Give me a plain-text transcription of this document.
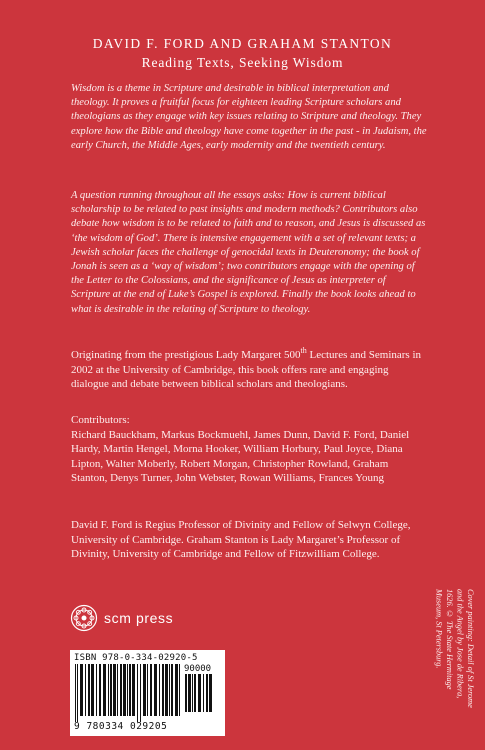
DAVID F. FORD AND GRAHAM STANTON
Reading Texts, Seeking Wisdom

Wisdom is a theme in Scripture and desirable in biblical interpretation and theology. It proves a fruitful focus for eighteen leading Scripture scholars and theologians as they engage with key issues relating to Stripture and theology. They explore how the Bible and theology have come together in the past - in Judaism, the early Church, the Middle Ages, early modernity and the twentieth century.

A question running throughout all the essays asks: How is current biblical scholarship to be related to past insights and modern methods? Contributors also debate how wisdom is to be related to faith and to reason, and Jesus is discussed as ‘the wisdom of God’. There is intensive engagement with a set of relevant texts; a Jewish scholar faces the challenge of genocidal texts in Deuteronomy; the book of Jonah is seen as a ‘way of wisdom’; two contributors engage with the opening of the Letter to the Colossians, and the significance of Jesus as interpreter of Scripture at the end of Luke’s Gospel is explored. Finally the book looks ahead to what is desirable in the relating of Scripture to theology.

Originating from the prestigious Lady Margaret 500th Lectures and Seminars in 2002 at the University of Cambridge, this book offers rare and engaging dialogue and debate between biblical scholars and theologians.

Contributors:

Richard Bauckham, Markus Bockmuehl, James Dunn, David F. Ford, Daniel Hardy, Martin Hengel, Morna Hooker, William Horbury, Paul Joyce, Diana Lipton, Walter Moberly, Robert Morgan, Christopher Rowland, Graham Stanton, Denys Turner, John Webster, Rowan Williams, Frances Young

David F. Ford is Regius Professor of Divinity and Fellow of Selwyn College, University of Cambridge. Graham Stanton is Lady Margaret’s Professor of Divinity, University of Cambridge and Fellow of Fitzwilliam College.

scm press
ISBN 978-0-334-02920-5
90000
9 780334 029205
Cover painting: Detail of St Jerome
and the Angel by Jose de Ribera,
1626. © The State Hermitage
Museum, St Petersburg.
